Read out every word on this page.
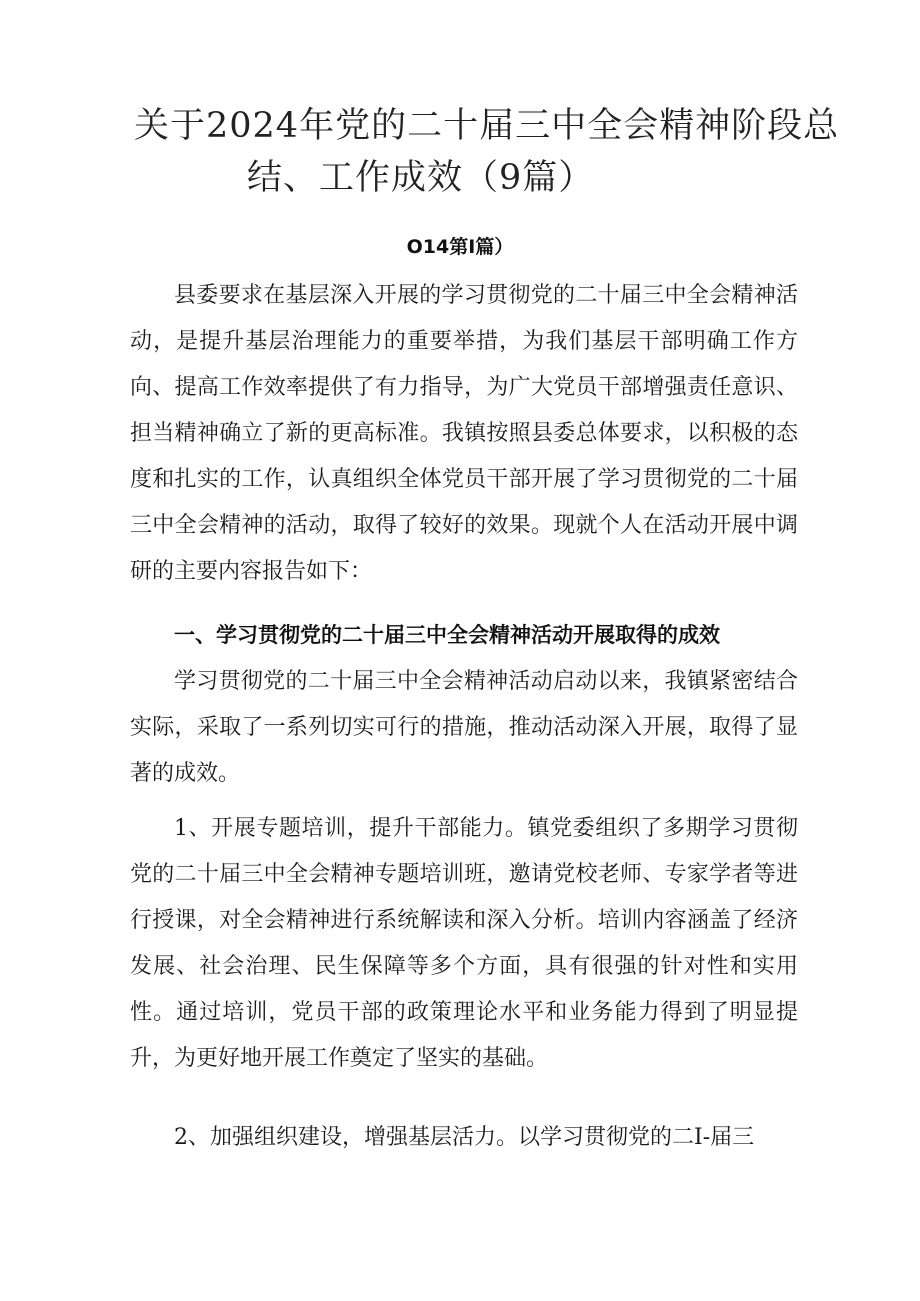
关于2024年党的二十届三中全会精神阶段总
结、工作成效（9篇）
O14第I篇）

县委要求在基层深入开展的学习贯彻党的二十届三中全会精神活动，是提升基层治理能力的重要举措，为我们基层干部明确工作方向、提高工作效率提供了有力指导，为广大党员干部增强责任意识、担当精神确立了新的更高标准。我镇按照县委总体要求，以积极的态度和扎实的工作，认真组织全体党员干部开展了学习贯彻党的二十届三中全会精神的活动，取得了较好的效果。现就个人在活动开展中调研的主要内容报告如下：

一、学习贯彻党的二十届三中全会精神活动开展取得的成效

学习贯彻党的二十届三中全会精神活动启动以来，我镇紧密结合实际，采取了一系列切实可行的措施，推动活动深入开展，取得了显著的成效。

1、开展专题培训，提升干部能力。镇党委组织了多期学习贯彻党的二十届三中全会精神专题培训班，邀请党校老师、专家学者等进行授课，对全会精神进行系统解读和深入分析。培训内容涵盖了经济发展、社会治理、民生保障等多个方面，具有很强的针对性和实用性。通过培训，党员干部的政策理论水平和业务能力得到了明显提升，为更好地开展工作奠定了坚实的基础。

2、加强组织建设，增强基层活力。以学习贯彻党的二I-届三
